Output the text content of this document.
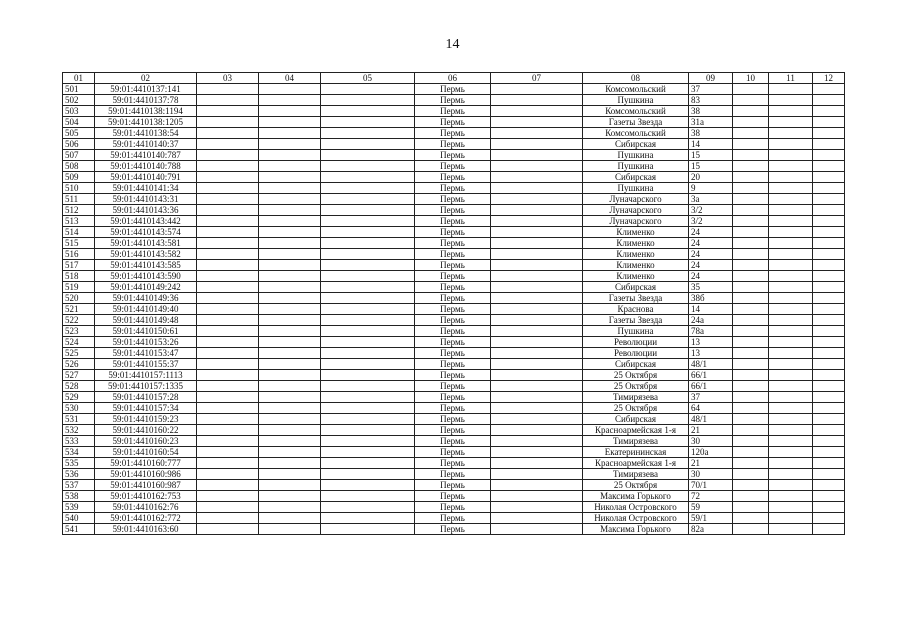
14
01	02	03	04	05	06	07	08	09	10	11	12
501	59:01:4410137:141				Пермь		Комсомольский	37			
502	59:01:4410137:78				Пермь		Пушкина	83			
503	59:01:4410138:1194				Пермь		Комсомольский	38			
504	59:01:4410138:1205				Пермь		Газеты Звезда	31а			
505	59:01:4410138:54				Пермь		Комсомольский	38			
506	59:01:4410140:37				Пермь		Сибирская	14			
507	59:01:4410140:787				Пермь		Пушкина	15			
508	59:01:4410140:788				Пермь		Пушкина	15			
509	59:01:4410140:791				Пермь		Сибирская	20			
510	59:01:4410141:34				Пермь		Пушкина	9			
511	59:01:4410143:31				Пермь		Луначарского	3а			
512	59:01:4410143:36				Пермь		Луначарского	3/2			
513	59:01:4410143:442				Пермь		Луначарского	3/2			
514	59:01:4410143:574				Пермь		Клименко	24			
515	59:01:4410143:581				Пермь		Клименко	24			
516	59:01:4410143:582				Пермь		Клименко	24			
517	59:01:4410143:585				Пермь		Клименко	24			
518	59:01:4410143:590				Пермь		Клименко	24			
519	59:01:4410149:242				Пермь		Сибирская	35			
520	59:01:4410149:36				Пермь		Газеты Звезда	38б			
521	59:01:4410149:40				Пермь		Краснова	14			
522	59:01:4410149:48				Пермь		Газеты Звезда	24а			
523	59:01:4410150:61				Пермь		Пушкина	78а			
524	59:01:4410153:26				Пермь		Революции	13			
525	59:01:4410153:47				Пермь		Революции	13			
526	59:01:4410155:37				Пермь		Сибирская	48/1			
527	59:01:4410157:1113				Пермь		25 Октября	66/1			
528	59:01:4410157:1335				Пермь		25 Октября	66/1			
529	59:01:4410157:28				Пермь		Тимирязева	37			
530	59:01:4410157:34				Пермь		25 Октября	64			
531	59:01:4410159:23				Пермь		Сибирская	48/1			
532	59:01:4410160:22				Пермь		Красноармейская 1-я	21			
533	59:01:4410160:23				Пермь		Тимирязева	30			
534	59:01:4410160:54				Пермь		Екатерининская	120а			
535	59:01:4410160:777				Пермь		Красноармейская 1-я	21			
536	59:01:4410160:986				Пермь		Тимирязева	30			
537	59:01:4410160:987				Пермь		25 Октября	70/1			
538	59:01:4410162:753				Пермь		Максима Горького	72			
539	59:01:4410162:76				Пермь		Николая Островского	59			
540	59:01:4410162:772				Пермь		Николая Островского	59/1			
541	59:01:4410163:60				Пермь		Максима Горького	82а			
